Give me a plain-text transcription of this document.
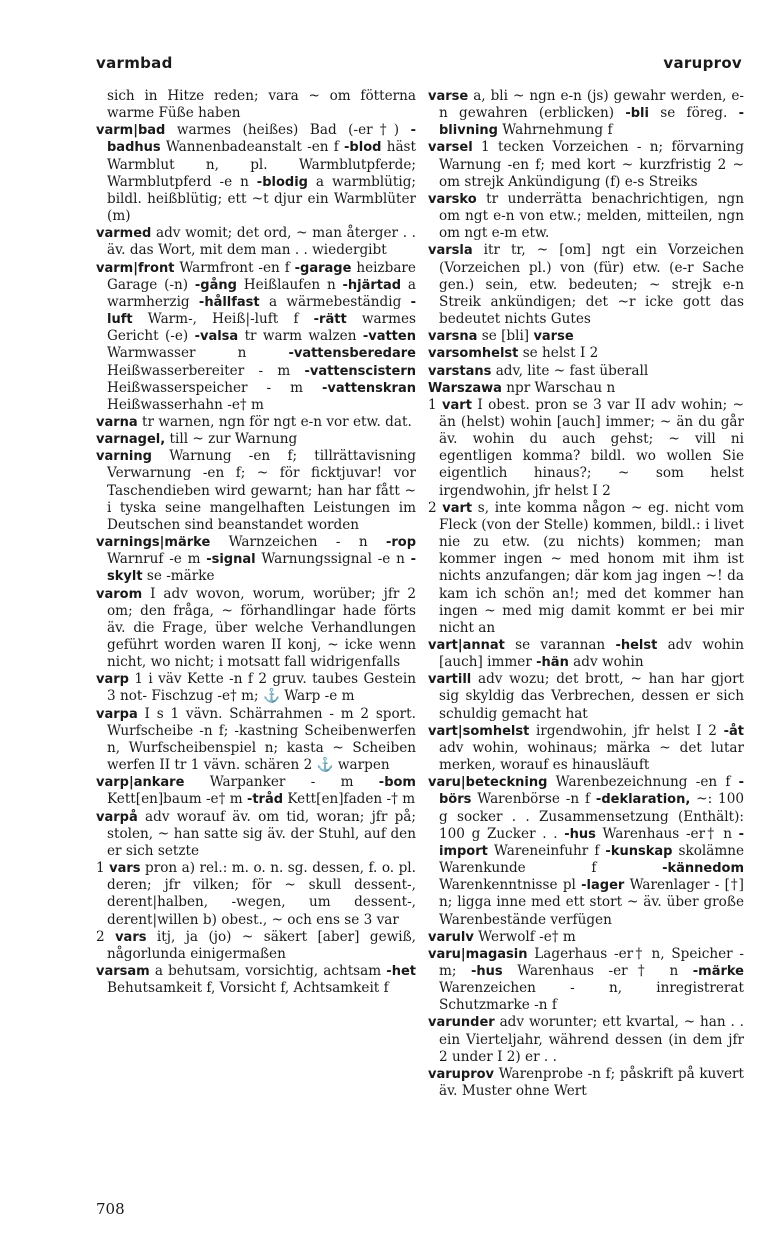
varmbad	varuprov

sich in Hitze reden; vara ~ om fötterna warme Füße haben

varm|bad warmes (heißes) Bad (-er†) -badhus Wannenbadeanstalt -en f -blod häst Warmblut n, pl. Warmblutpferde; Warmblutpferd -e n -blodig a warmblütig; bildl. heißblütig; ett ~t djur ein Warmblüter (m)

varmed adv womit; det ord, ~ man återger . . äv. das Wort, mit dem man . . wiedergibt

varm|front Warmfront -en f -garage heizbare Garage (-n) -gång Heißlaufen n -hjärtad a warmherzig -hållfast a wärmebeständig -luft Warm-, Heiß|-luft f -rätt warmes Gericht (-e) -valsa tr warm walzen -vatten Warmwasser n -vattensberedare Heißwasserbereiter - m -vattenscistern Heißwasserspeicher - m -vattenskran Heißwasserhahn -e† m

varna tr warnen, ngn för ngt e-n vor etw. dat.

varnagel, till ~ zur Warnung

varning Warnung -en f; tillrättavisning Verwarnung -en f; ~ för ficktjuvar! vor Taschendieben wird gewarnt; han har fått ~ i tyska seine mangelhaften Leistungen im Deutschen sind beanstandet worden

varnings|märke Warnzeichen - n -rop Warnruf -e m -signal Warnungssignal -e n -skylt se -märke

varom I adv wovon, worum, worüber; jfr 2 om; den fråga, ~ förhandlingar hade förts äv. die Frage, über welche Verhandlungen geführt worden waren II konj, ~ icke wenn nicht, wo nicht; i motsatt fall widrigenfalls

varp 1 i väv Kette -n f 2 gruv. taubes Gestein 3 not- Fischzug -e† m; ⚓ Warp -e m

varpa I s 1 vävn. Schärrahmen - m 2 sport. Wurfscheibe -n f; -kastning Scheibenwerfen n, Wurfscheibenspiel n; kasta ~ Scheiben werfen II tr 1 vävn. schären 2 ⚓ warpen

varp|ankare Warpanker - m -bom Kett[en]baum -e† m -tråd Kett[en]faden -† m

varpå adv worauf äv. om tid, woran; jfr på; stolen, ~ han satte sig äv. der Stuhl, auf den er sich setzte

1 vars pron a) rel.: m. o. n. sg. dessen, f. o. pl. deren; jfr vilken; för ~ skull dessent-, derent|halben, -wegen, um dessent-, derent|willen b) obest., ~ och ens se 3 var

2 vars itj, ja (jo) ~ säkert [aber] gewiß, någorlunda einigermaßen

varsam a behutsam, vorsichtig, achtsam -het Behutsamkeit f, Vorsicht f, Achtsamkeit f

varse a, bli ~ ngn e-n (js) gewahr werden, e-n gewahren (erblicken) -bli se föreg. -blivning Wahrnehmung f

varsel 1 tecken Vorzeichen - n; förvarning Warnung -en f; med kort ~ kurzfristig 2 ~ om strejk Ankündigung (f) e-s Streiks

varsko tr underrätta benachrichtigen, ngn om ngt e-n von etw.; melden, mitteilen, ngn om ngt e-m etw.

varsla itr tr, ~ [om] ngt ein Vorzeichen (Vorzeichen pl.) von (für) etw. (e-r Sache gen.) sein, etw. bedeuten; ~ strejk e-n Streik ankündigen; det ~r icke gott das bedeutet nichts Gutes

varsna se [bli] varse

varsomhelst se helst I 2

varstans adv, lite ~ fast überall

Warszawa npr Warschau n

1 vart I obest. pron se 3 var II adv wohin; ~ än (helst) wohin [auch] immer; ~ än du går äv. wohin du auch gehst; ~ vill ni egentligen komma? bildl. wo wollen Sie eigentlich hinaus?; ~ som helst irgendwohin, jfr helst I 2

2 vart s, inte komma någon ~ eg. nicht vom Fleck (von der Stelle) kommen, bildl.: i livet nie zu etw. (zu nichts) kommen; man kommer ingen ~ med honom mit ihm ist nichts anzufangen; där kom jag ingen ~! da kam ich schön an!; med det kommer han ingen ~ med mig damit kommt er bei mir nicht an

vart|annat se varannan -helst adv wohin [auch] immer -hän adv wohin

vartill adv wozu; det brott, ~ han har gjort sig skyldig das Verbrechen, dessen er sich schuldig gemacht hat

vart|somhelst irgendwohin, jfr helst I 2 -åt adv wohin, wohinaus; märka ~ det lutar merken, worauf es hinausläuft

varu|beteckning Warenbezeichnung -en f -börs Warenbörse -n f -deklaration, ~: 100 g socker . . Zusammensetzung (Enthält): 100 g Zucker . . -hus Warenhaus -er† n -import Wareneinfuhr f -kunskap skolämne Warenkunde f -kännedom Warenkenntnisse pl -lager Warenlager - [†] n; ligga inne med ett stort ~ äv. über große Warenbestände verfügen

varulv Werwolf -e† m

varu|magasin Lagerhaus -er† n, Speicher - m; -hus Warenhaus -er† n -märke Warenzeichen - n, inregistrerat Schutzmarke -n f

varunder adv worunter; ett kvartal, ~ han . . ein Vierteljahr, während dessen (in dem jfr 2 under I 2) er . .

varuprov Warenprobe -n f; påskrift på kuvert äv. Muster ohne Wert

708
